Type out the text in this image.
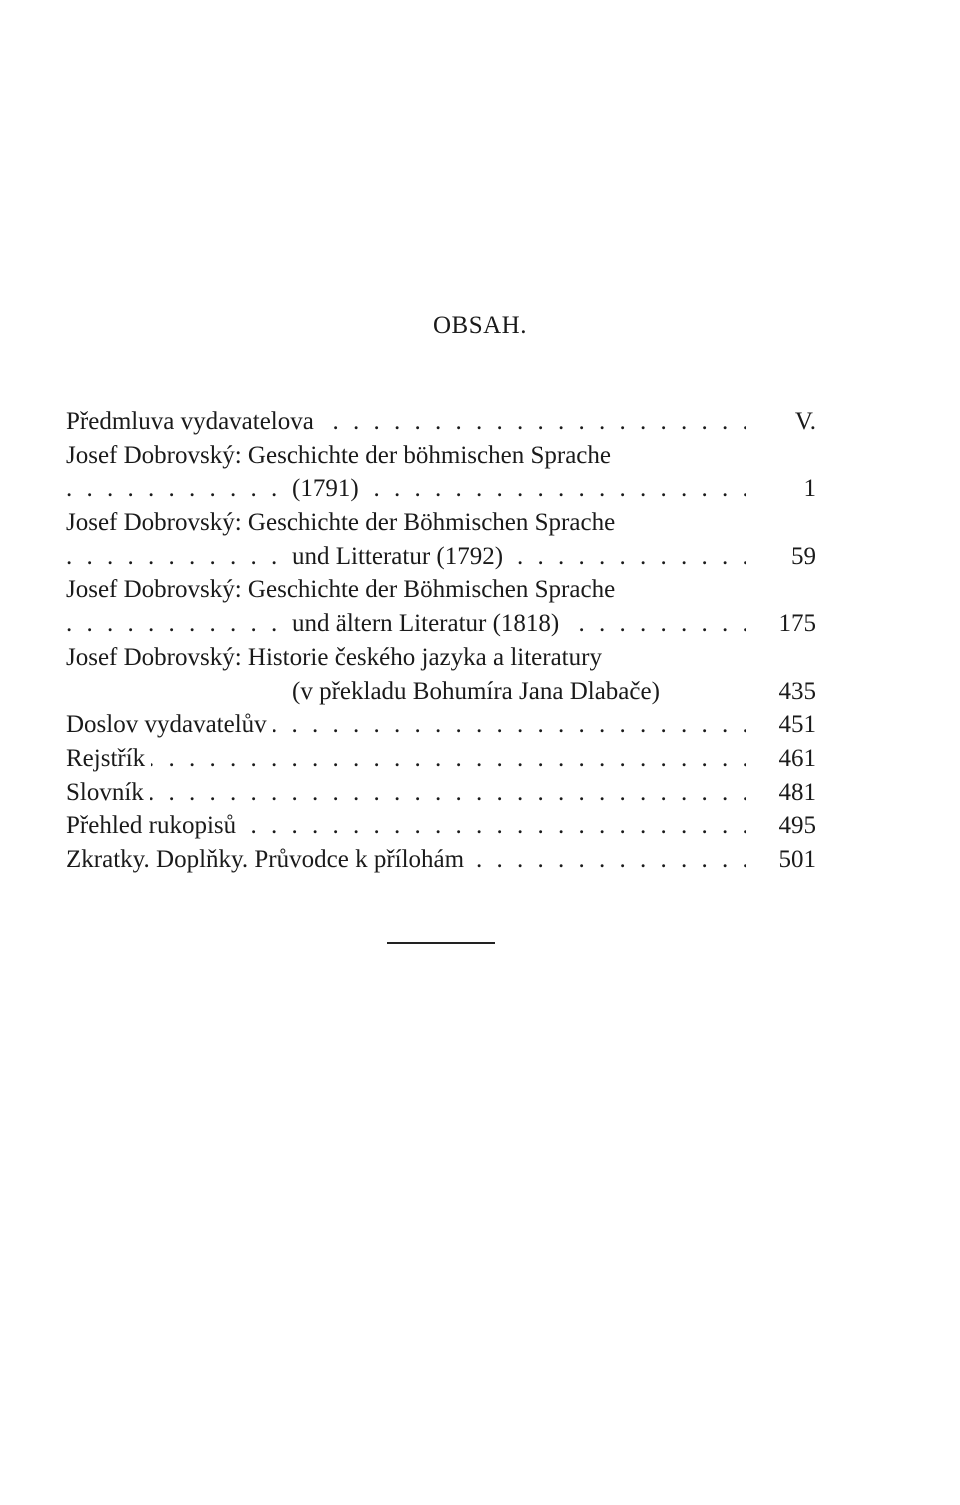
OBSAH.
. . .
Předmluva vydavatelova	V.
Josef Dobrovský: Geschichte der böhmischen Sprache
. . .
(1791)	1
Josef Dobrovský: Geschichte der Böhmischen Sprache
. . .
und Litteratur (1792)	59
Josef Dobrovský: Geschichte der Böhmischen Sprache
. . .
und ältern Literatur (1818)	175
Josef Dobrovský: Historie českého jazyka a literatury
(v překladu Bohumíra Jana Dlabače)	435
. . .
Doslov vydavatelův	451
. . .
Rejstřík	461
. . .
Slovník	481
. . .
Přehled rukopisů	495
. . .
Zkratky. Doplňky. Průvodce k přílohám	501
